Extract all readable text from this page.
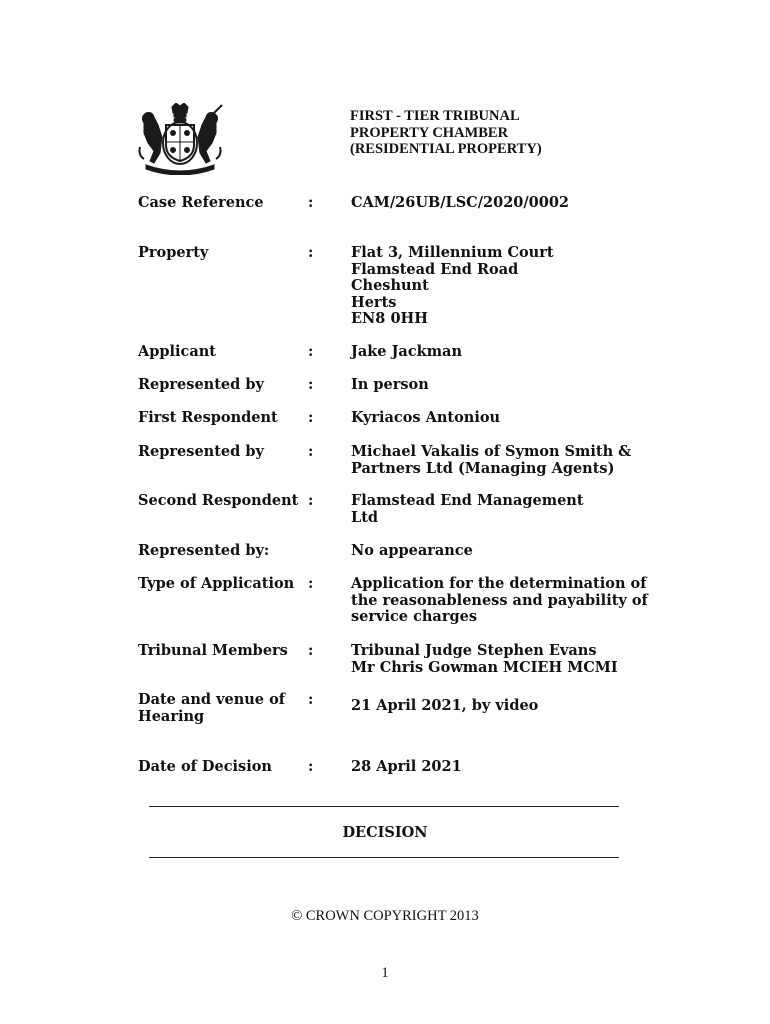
FIRST - TIER TRIBUNAL
PROPERTY CHAMBER
(RESIDENTIAL PROPERTY)
Case Reference	:	CAM/26UB/LSC/2020/0002
Property	:	Flat 3, Millennium Court
Flamstead End Road
Cheshunt
Herts
EN8 0HH
Applicant	:	Jake Jackman
Represented by	:	In person
First Respondent :	Kyriacos Antoniou
Represented by	:	Michael Vakalis of Symon Smith &
Partners Ltd (Managing Agents)
Second Respondent :	Flamstead End Management
Ltd
Represented by:	No appearance
Type of Application :	Application for the determination of
the reasonableness and payability of
service charges
Tribunal Members :	Tribunal Judge Stephen Evans
Mr Chris Gowman MCIEH MCMI
Date and venue of
Hearing
:	21 April 2021, by video
Date of Decision :	28 April 2021
DECISION
© CROWN COPYRIGHT 2013
1
